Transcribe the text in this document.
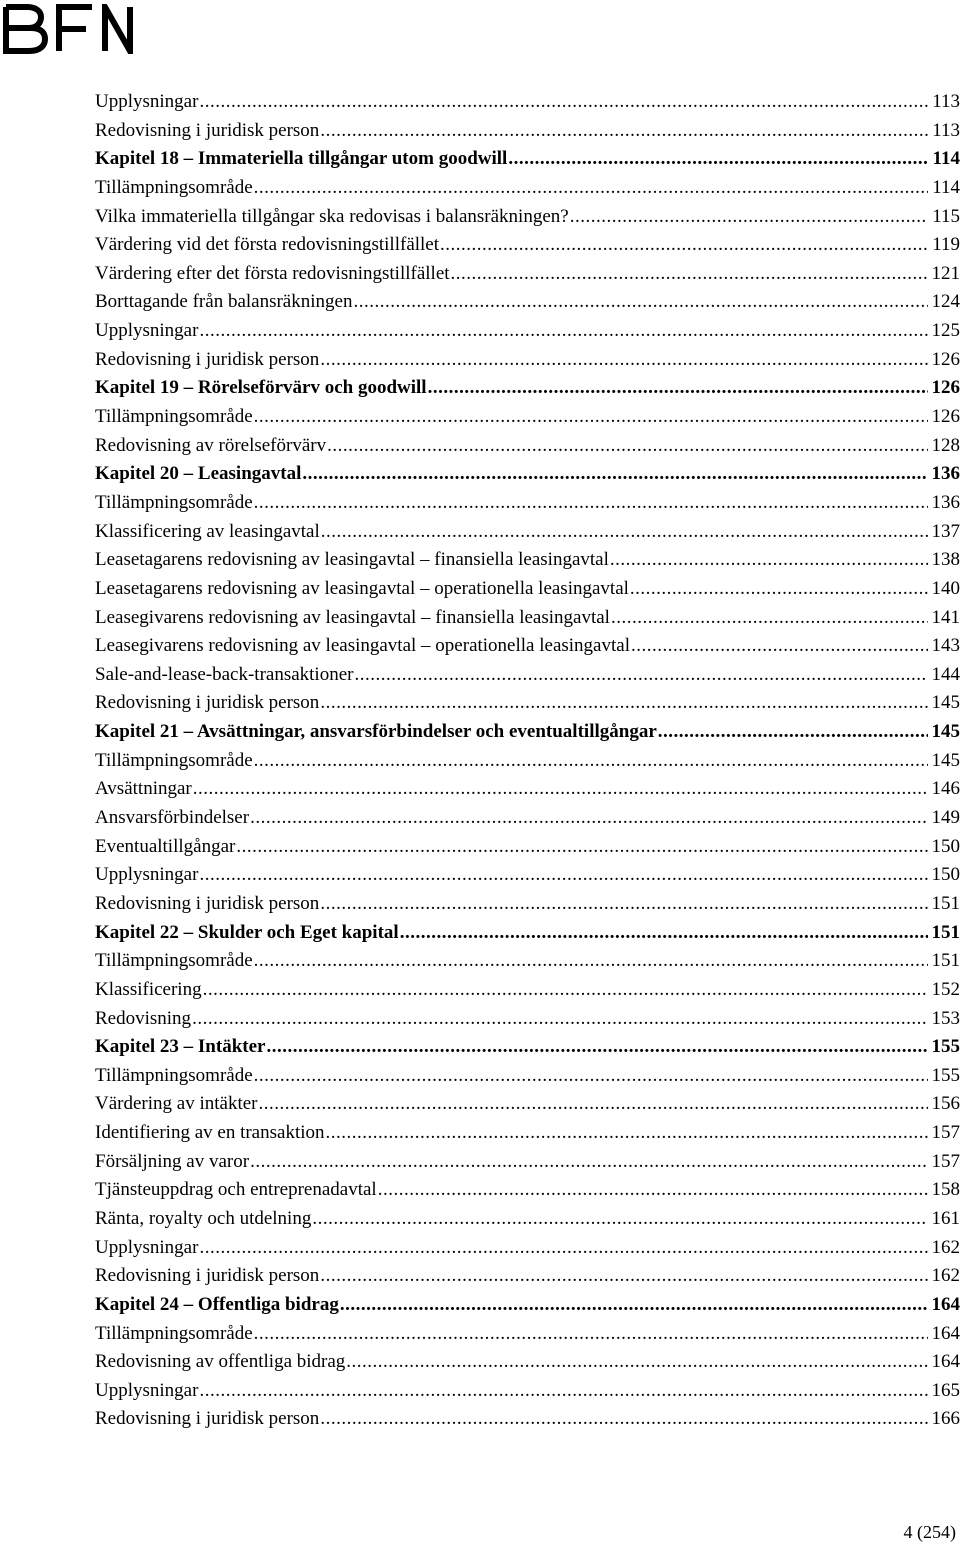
Upplysningar .....	113
Redovisning i juridisk person .....	113
Kapitel 18 – Immateriella tillgångar utom goodwill .....	114
Tillämpningsområde .....	114
Vilka immateriella tillgångar ska redovisas i balansräkningen? .....	115
Värdering vid det första redovisningstillfället .....	119
Värdering efter det första redovisningstillfället .....	121
Borttagande från balansräkningen .....	124
Upplysningar .....	125
Redovisning i juridisk person .....	126
Kapitel 19 – Rörelseförvärv och goodwill .....	126
Tillämpningsområde .....	126
Redovisning av rörelseförvärv .....	128
Kapitel 20 – Leasingavtal .....	136
Tillämpningsområde .....	136
Klassificering av leasingavtal .....	137
Leasetagarens redovisning av leasingavtal – finansiella leasingavtal .....	138
Leasetagarens redovisning av leasingavtal – operationella leasingavtal .....	140
Leasegivarens redovisning av leasingavtal – finansiella leasingavtal .....	141
Leasegivarens redovisning av leasingavtal – operationella leasingavtal .....	143
Sale-and-lease-back-transaktioner .....	144
Redovisning i juridisk person .....	145
Kapitel 21 – Avsättningar, ansvarsförbindelser och eventualtillgångar .....	145
Tillämpningsområde .....	145
Avsättningar .....	146
Ansvarsförbindelser .....	149
Eventualtillgångar .....	150
Upplysningar .....	150
Redovisning i juridisk person .....	151
Kapitel 22 – Skulder och Eget kapital .....	151
Tillämpningsområde .....	151
Klassificering .....	152
Redovisning .....	153
Kapitel 23 – Intäkter .....	155
Tillämpningsområde .....	155
Värdering av intäkter .....	156
Identifiering av en transaktion .....	157
Försäljning av varor .....	157
Tjänsteuppdrag och entreprenadavtal .....	158
Ränta, royalty och utdelning .....	161
Upplysningar .....	162
Redovisning i juridisk person .....	162
Kapitel 24 – Offentliga bidrag .....	164
Tillämpningsområde .....	164
Redovisning av offentliga bidrag .....	164
Upplysningar .....	165
Redovisning i juridisk person .....	166
4 (254)
